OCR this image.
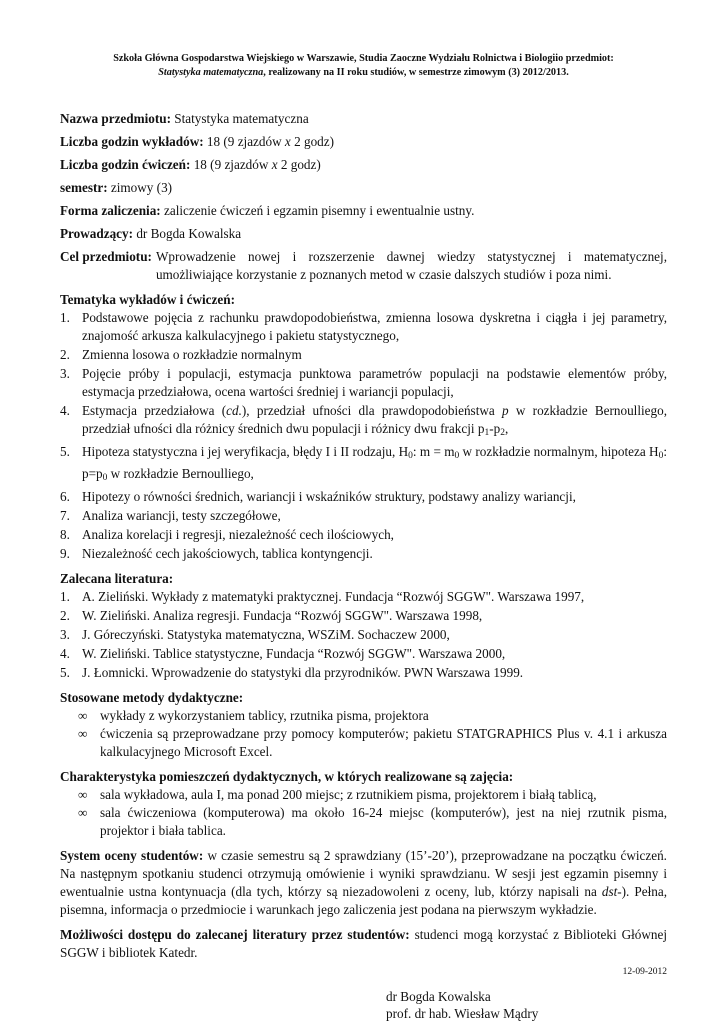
Szkoła Główna Gospodarstwa Wiejskiego w Warszawie, Studia Zaoczne Wydziału Rolnictwa i Biologiio przedmiot:
Statystyka matematyczna, realizowany na II roku studiów, w semestrze zimowym (3) 2012/2013.

Nazwa przedmiotu: Statystyka matematyczna

Liczba godzin wykładów: 18 (9 zjazdów x 2 godz)

Liczba godzin ćwiczeń: 18 (9 zjazdów x 2 godz)

semestr: zimowy (3)

Forma zaliczenia: zaliczenie ćwiczeń i egzamin pisemny i ewentualnie ustny.

Prowadzący: dr Bogda Kowalska

Cel przedmiotu: Wprowadzenie nowej i rozszerzenie dawnej wiedzy statystycznej i matematycznej, umożliwiające korzystanie z poznanych metod w czasie dalszych studiów i poza nimi.

Tematyka wykładów i ćwiczeń:

1. Podstawowe pojęcia z rachunku prawdopodobieństwa, zmienna losowa dyskretna i ciągła i jej parametry, znajomość arkusza kalkulacyjnego i pakietu statystycznego,
2. Zmienna losowa o rozkładzie normalnym
3. Pojęcie próby i populacji, estymacja punktowa parametrów populacji na podstawie elementów próby, estymacja przedziałowa, ocena wartości średniej i wariancji populacji,
4. Estymacja przedziałowa (cd.), przedział ufności dla prawdopodobieństwa p w rozkładzie Bernoulliego, przedział ufności dla różnicy średnich dwu populacji i różnicy dwu frakcji $p_1-p_2$,
5. Hipoteza statystyczna i jej weryfikacja, błędy I i II rodzaju, $H_0$: $m = m_0$ w rozkładzie normalnym, hipoteza $H_0$: $p=p_0$ w rozkładzie Bernoulliego,
6. Hipotezy o równości średnich, wariancji i wskaźników struktury, podstawy analizy wariancji,
7. Analiza wariancji, testy szczegółowe,
8. Analiza korelacji i regresji, niezależność cech ilościowych,
9. Niezależność cech jakościowych, tablica kontyngencji.

Zalecana literatura:

1. A. Zieliński. Wykłady z matematyki praktycznej. Fundacja “Rozwój SGGW". Warszawa 1997,
2. W. Zieliński. Analiza regresji. Fundacja “Rozwój SGGW". Warszawa 1998,
3. J. Góreczyński. Statystyka matematyczna, WSZiM. Sochaczew 2000,
4. W. Zieliński. Tablice statystyczne, Fundacja “Rozwój SGGW". Warszawa 2000,
5. J. Łomnicki. Wprowadzenie do statystyki dla przyrodników. PWN Warszawa 1999.

Stosowane metody dydaktyczne:

∞ wykłady z wykorzystaniem tablicy, rzutnika pisma, projektora
∞ ćwiczenia są przeprowadzane przy pomocy komputerów; pakietu STATGRAPHICS Plus v. 4.1 i arkusza kalkulacyjnego Microsoft Excel.

Charakterystyka pomieszczeń dydaktycznych, w których realizowane są zajęcia:

∞ sala wykładowa, aula I, ma ponad 200 miejsc; z rzutnikiem pisma, projektorem i białą tablicą,
∞ sala ćwiczeniowa (komputerowa) ma około 16-24 miejsc (komputerów), jest na niej rzutnik pisma, projektor i biała tablica.

System oceny studentów: w czasie semestru są 2 sprawdziany (15’-20’), przeprowadzane na początku ćwiczeń. Na następnym spotkaniu studenci otrzymują omówienie i wyniki sprawdzianu. W sesji jest egzamin pisemny i ewentualnie ustna kontynuacja (dla tych, którzy są niezadowoleni z oceny, lub, którzy napisali na dst-). Pełna, pisemna, informacja o przedmiocie i warunkach jego zaliczenia jest podana na pierwszym wykładzie.

Możliwości dostępu do zalecanej literatury przez studentów: studenci mogą korzystać z Biblioteki Głównej SGGW i bibliotek Katedr.

dr Bogda Kowalska
prof. dr hab. Wiesław Mądry
12-09-2012
